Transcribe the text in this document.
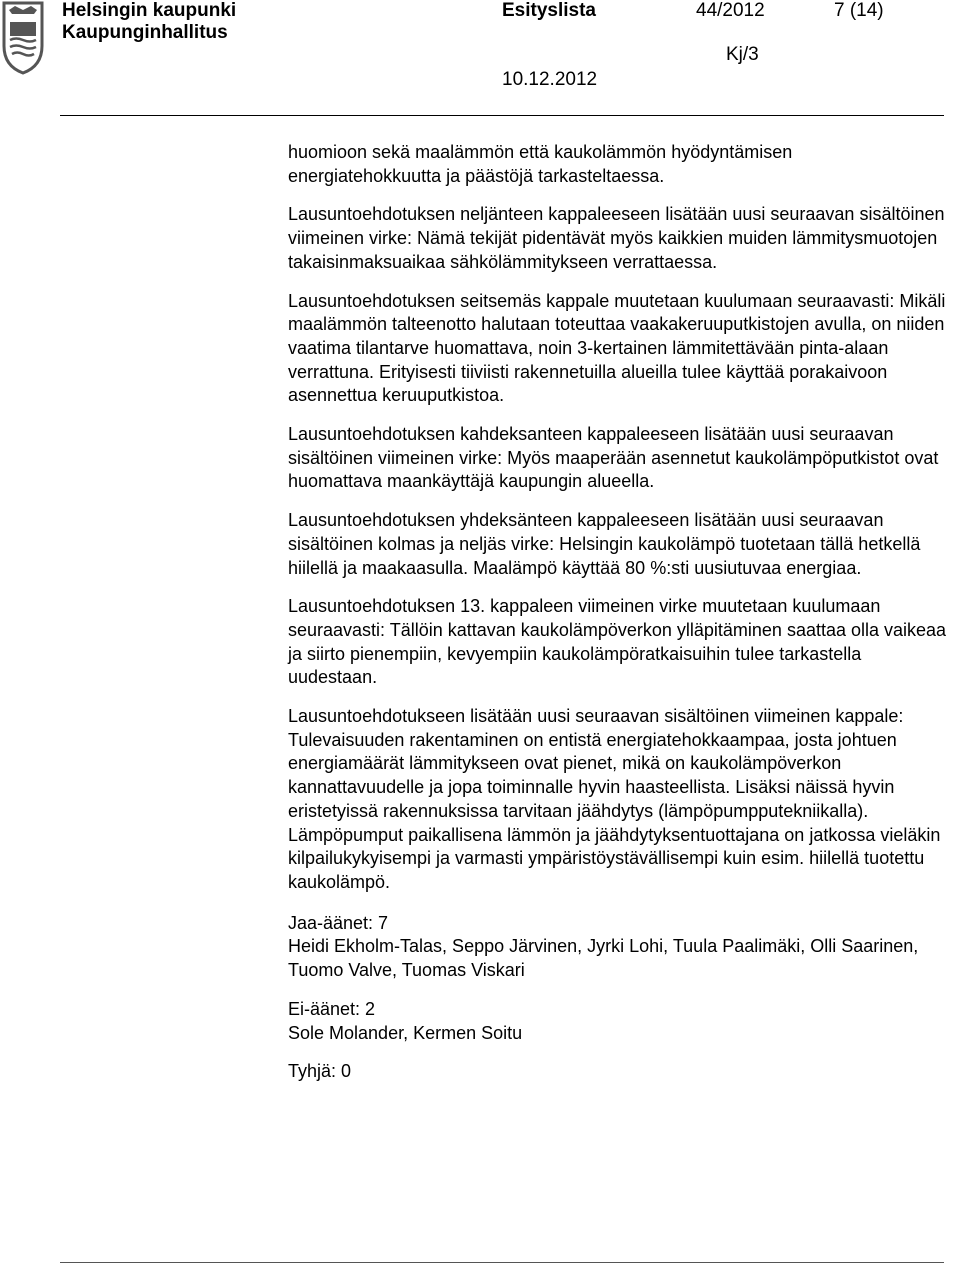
Helsingin kaupunki
Kaupunginhallitus
Esityslista	44/2012	7 (14)
Kj/3
10.12.2012

huomioon sekä maalämmön että kaukolämmön hyödyntämisen energiatehokkuutta ja päästöjä tarkasteltaessa.

Lausuntoehdotuksen neljänteen kappaleeseen lisätään uusi seuraavan sisältöinen viimeinen virke: Nämä tekijät pidentävät myös kaikkien muiden lämmitysmuotojen takaisinmaksuaikaa sähkölämmitykseen verrattaessa.

Lausuntoehdotuksen seitsemäs kappale muutetaan kuulumaan seuraavasti: Mikäli maalämmön talteenotto halutaan toteuttaa vaakakeruuputkistojen avulla, on niiden vaatima tilantarve huomattava, noin 3-kertainen lämmitettävään pinta-alaan verrattuna. Erityisesti tiiviisti rakennetuilla alueilla tulee käyttää porakaivoon asennettua keruuputkistoa.

Lausuntoehdotuksen kahdeksanteen kappaleeseen lisätään uusi seuraavan sisältöinen viimeinen virke: Myös maaperään asennetut kaukolämpöputkistot ovat huomattava maankäyttäjä kaupungin alueella.

Lausuntoehdotuksen yhdeksänteen kappaleeseen lisätään uusi seuraavan sisältöinen kolmas ja neljäs virke: Helsingin kaukolämpö tuotetaan tällä hetkellä hiilellä ja maakaasulla. Maalämpö käyttää 80 %:sti uusiutuvaa energiaa.

Lausuntoehdotuksen 13. kappaleen viimeinen virke muutetaan kuulumaan seuraavasti: Tällöin kattavan kaukolämpöverkon ylläpitäminen saattaa olla vaikeaa ja siirto pienempiin, kevyempiin kaukolämpöratkaisuihin tulee tarkastella uudestaan.

Lausuntoehdotukseen lisätään uusi seuraavan sisältöinen viimeinen kappale: Tulevaisuuden rakentaminen on entistä energiatehokkaampaa, josta johtuen energiamäärät lämmitykseen ovat pienet, mikä on kaukolämpöverkon kannattavuudelle ja jopa toiminnalle hyvin haasteellista. Lisäksi näissä hyvin eristetyissä rakennuksissa tarvitaan jäähdytys (lämpöpumpputekniikalla). Lämpöpumput paikallisena lämmön ja jäähdytyksentuottajana on jatkossa vieläkin kilpailukykyisempi ja varmasti ympäristöystävällisempi kuin esim. hiilellä tuotettu kaukolämpö.

Jaa-äänet: 7

Heidi Ekholm-Talas, Seppo Järvinen, Jyrki Lohi, Tuula Paalimäki, Olli Saarinen, Tuomo Valve, Tuomas Viskari

Ei-äänet: 2

Sole Molander, Kermen Soitu

Tyhjä: 0
